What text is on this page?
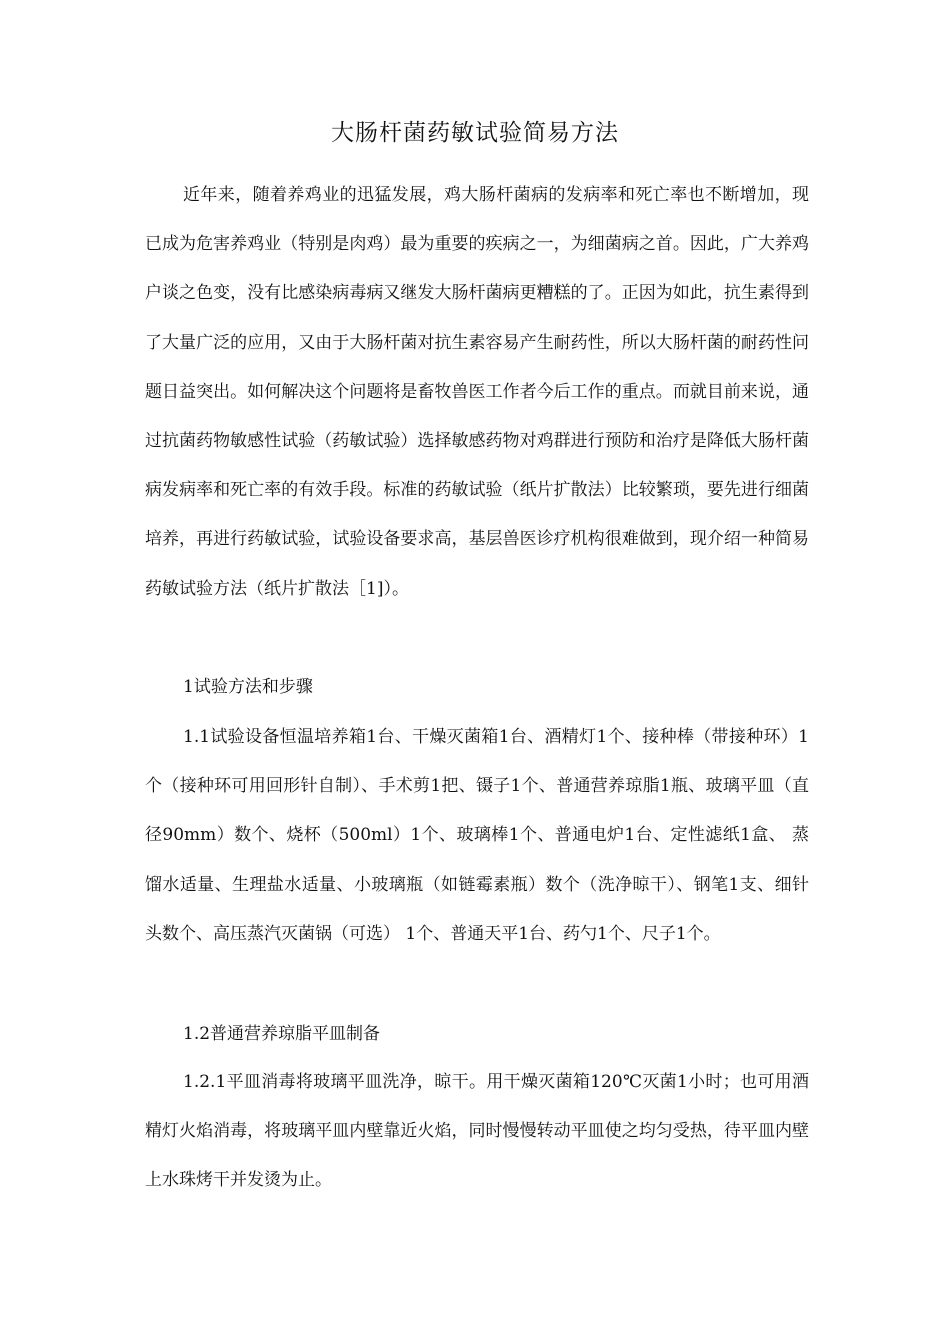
大肠杆菌药敏试验简易方法

近年来，随着养鸡业的迅猛发展，鸡大肠杆菌病的发病率和死亡率也不断增加，现已成为危害养鸡业（特别是肉鸡）最为重要的疾病之一，为细菌病之首。因此，广大养鸡户谈之色变，没有比感染病毒病又继发大肠杆菌病更糟糕的了。正因为如此，抗生素得到了大量广泛的应用，又由于大肠杆菌对抗生素容易产生耐药性，所以大肠杆菌的耐药性问题日益突出。如何解决这个问题将是畜牧兽医工作者今后工作的重点。而就目前来说，通过抗菌药物敏感性试验（药敏试验）选择敏感药物对鸡群进行预防和治疗是降低大肠杆菌病发病率和死亡率的有效手段。标准的药敏试验（纸片扩散法）比较繁琐，要先进行细菌培养，再进行药敏试验，试验设备要求高，基层兽医诊疗机构很难做到，现介绍一种简易药敏试验方法（纸片扩散法［1]）。

1试验方法和步骤

1.1试验设备恒温培养箱1台、干燥灭菌箱1台、酒精灯1个、接种棒（带接种环）1个（接种环可用回形针自制）、手术剪1把、镊子1个、普通营养琼脂1瓶、玻璃平皿（直径90mm）数个、烧杯（500ml）1个、玻璃棒1个、普通电炉1台、定性滤纸1盒、 蒸馏水适量、生理盐水适量、小玻璃瓶（如链霉素瓶）数个（洗净晾干）、钢笔1支、细针头数个、高压蒸汽灭菌锅（可选） 1个、普通天平1台、药勺1个、尺子1个。

1.2普通营养琼脂平皿制备

1.2.1平皿消毒将玻璃平皿洗净，晾干。用干燥灭菌箱120℃灭菌1小时；也可用酒精灯火焰消毒，将玻璃平皿内壁靠近火焰，同时慢慢转动平皿使之均匀受热，待平皿内壁上水珠烤干并发烫为止。
